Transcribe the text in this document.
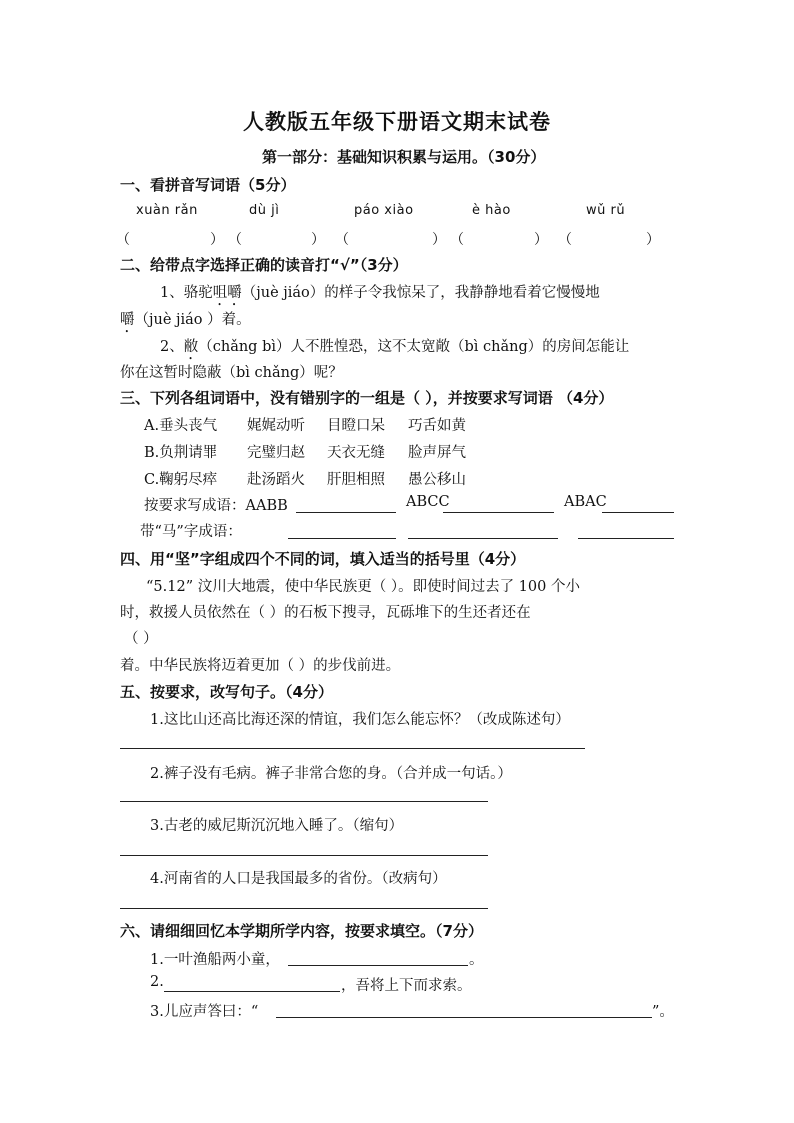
人教版五年级下册语文期末试卷
第一部分：基础知识积累与运用。（30分）
一、看拼音写词语（5分）
xuàn rǎn	dù jì	páo xiào	è hào	wǔ rǔ
（	） （	） （	） （	） （	）
二、给带点字选择正确的读音打“√”（3分）
1、骆驼咀嚼（juè jiáo）的样子令我惊呆了，我静静地看着它慢慢地
嚼（juè jiáo ）着。
2、敝（chǎng bì）人不胜惶恐，这不太宽敞（bì chǎng）的房间怎能让
你在这暂时隐蔽（bì chǎng）呢？
三、下列各组词语中，没有错别字的一组是（ ），并按要求写词语 （4分）
A.垂头丧气 娓娓动听 目瞪口呆 巧舌如黄
B.负荆请罪 完璧归赵 天衣无缝 脸声屏气
C.鞠躬尽瘁 赴汤蹈火 肝胆相照 愚公移山
按要求写成语：AABB	ABCC	ABAC
带“马”字成语：
四、用“坚”字组成四个不同的词，填入适当的括号里（4分）
“5.12” 汶川大地震，使中华民族更（ ）。即使时间过去了 100 个小
时，救援人员依然在（ ）的石板下搜寻，瓦砾堆下的生还者还在
（ ）
着。中华民族将迈着更加（ ）的步伐前进。
五、按要求，改写句子。（4分）
1.这比山还高比海还深的情谊，我们怎么能忘怀？（改成陈述句）
2.裤子没有毛病。裤子非常合您的身。（合并成一句话。）
3.古老的威尼斯沉沉地入睡了。（缩句）
4.河南省的人口是我国最多的省份。（改病句）
六、请细细回忆本学期所学内容，按要求填空。（7分）
1.一叶渔船两小童，	。
2.	，吾将上下而求索。
3.儿应声答曰：“	”。
